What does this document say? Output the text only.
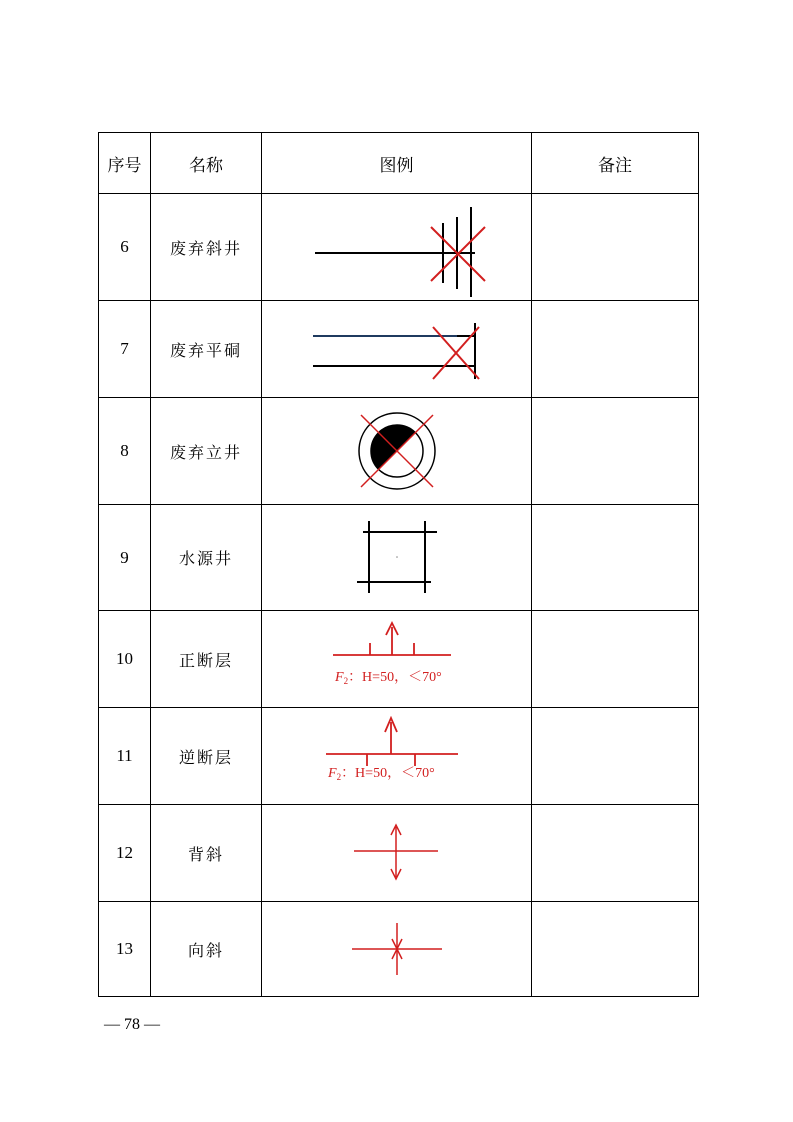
序号	名称	图例	备注
6	废弃斜井	

7	废弃平硐	

8	废弃立井	

9	水源井	

10	正断层	$F_2$：H=50，＜70°	

11	逆断层	$F_2$：H=50，＜70°	

12	背斜	

13	向斜	

— 78 —
